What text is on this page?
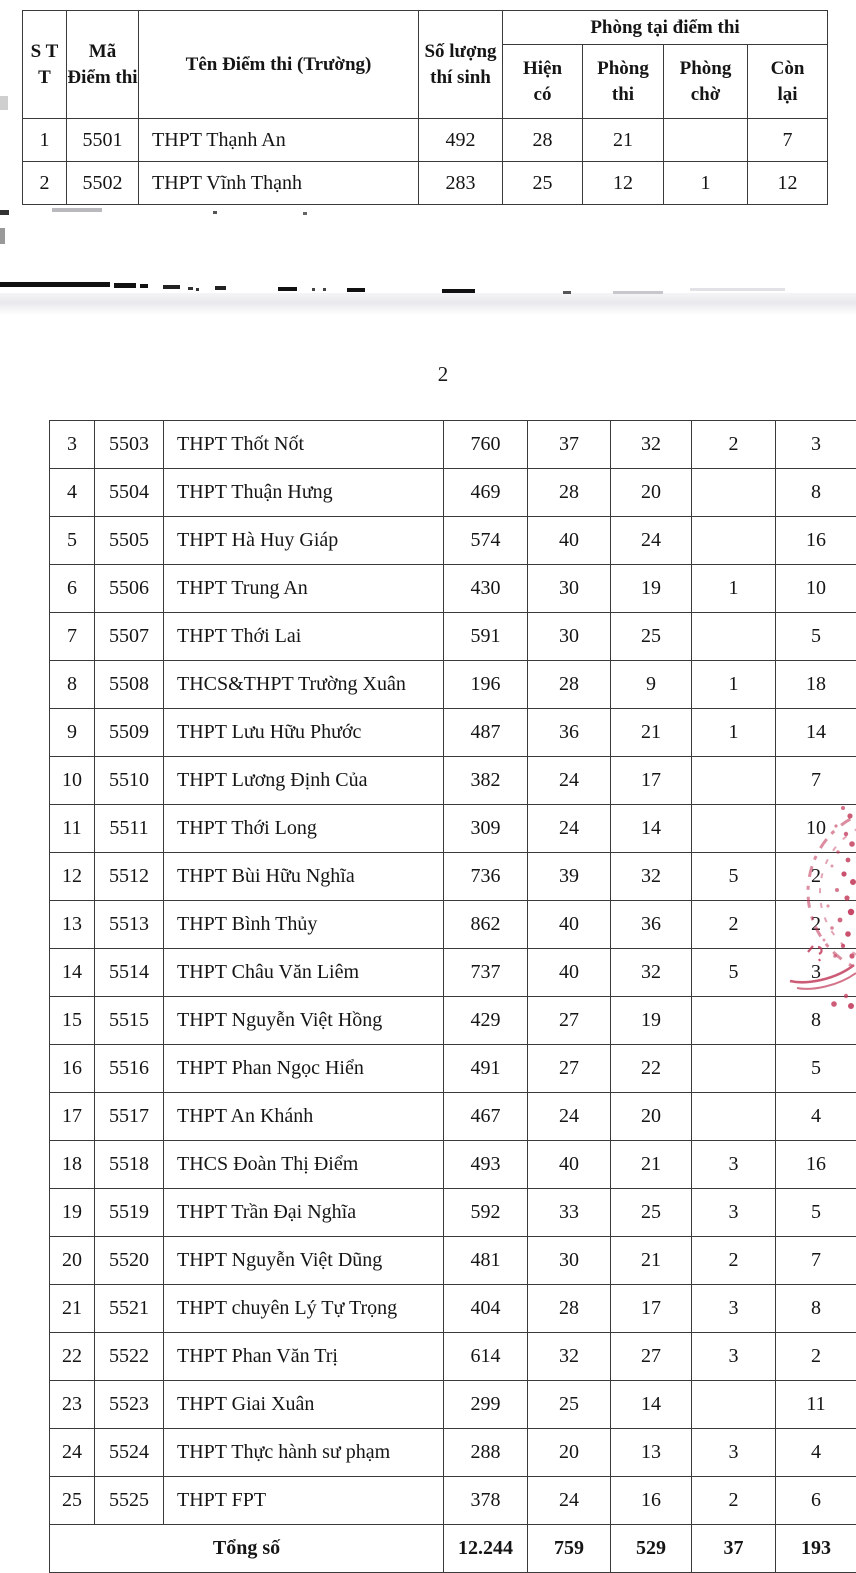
S T T	Mã Điểm thi	Tên Điểm thi (Trường)	Số lượng thí sinh	Phòng tại điểm thi			
				Hiện có	Phòng thi	Phòng chờ	Còn lại
1	5501	THPT Thạnh An	492	28	21		7
2	5502	THPT Vĩnh Thạnh	283	25	12	1	12
2
3	5503	THPT Thốt Nốt	760	37	32	2	3
4	5504	THPT Thuận Hưng	469	28	20		8
5	5505	THPT Hà Huy Giáp	574	40	24		16
6	5506	THPT Trung An	430	30	19	1	10
7	5507	THPT Thới Lai	591	30	25		5
8	5508	THCS&THPT Trường Xuân	196	28	9	1	18
9	5509	THPT Lưu Hữu Phước	487	36	21	1	14
10	5510	THPT Lương Định Của	382	24	17		7
11	5511	THPT Thới Long	309	24	14		10
12	5512	THPT Bùi Hữu Nghĩa	736	39	32	5	2
13	5513	THPT Bình Thủy	862	40	36	2	2
14	5514	THPT Châu Văn Liêm	737	40	32	5	3
15	5515	THPT Nguyễn Việt Hồng	429	27	19		8
16	5516	THPT Phan Ngọc Hiển	491	27	22		5
17	5517	THPT An Khánh	467	24	20		4
18	5518	THCS Đoàn Thị Điểm	493	40	21	3	16
19	5519	THPT Trần Đại Nghĩa	592	33	25	3	5
20	5520	THPT Nguyễn Việt Dũng	481	30	21	2	7
21	5521	THPT chuyên Lý Tự Trọng	404	28	17	3	8
22	5522	THPT Phan Văn Trị	614	32	27	3	2
23	5523	THPT Giai Xuân	299	25	14		11
24	5524	THPT Thực hành sư phạm	288	20	13	3	4
25	5525	THPT FPT	378	24	16	2	6
Tổng số			12.244	759	529	37	193
